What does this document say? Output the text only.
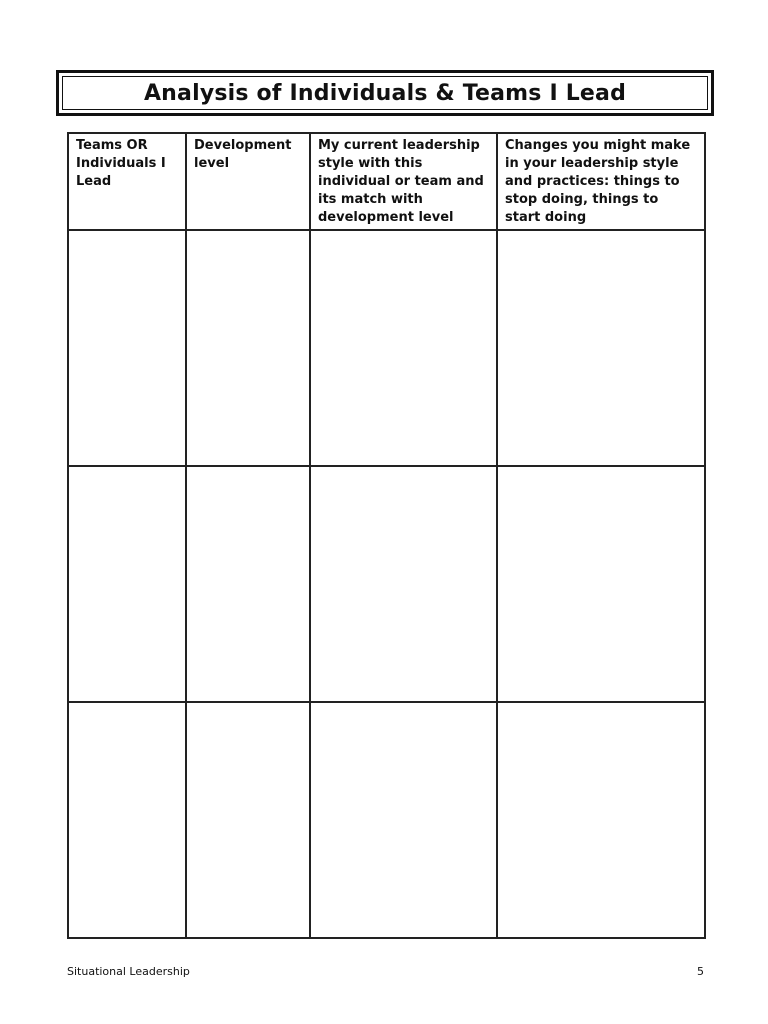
Analysis of Individuals & Teams I Lead
Teams OR Individuals I Lead	Development level	My current leadership style with this individual or team and its match with development level	Changes you might make in your leadership style and practices: things to stop doing, things to start doing

Situational Leadership	5
